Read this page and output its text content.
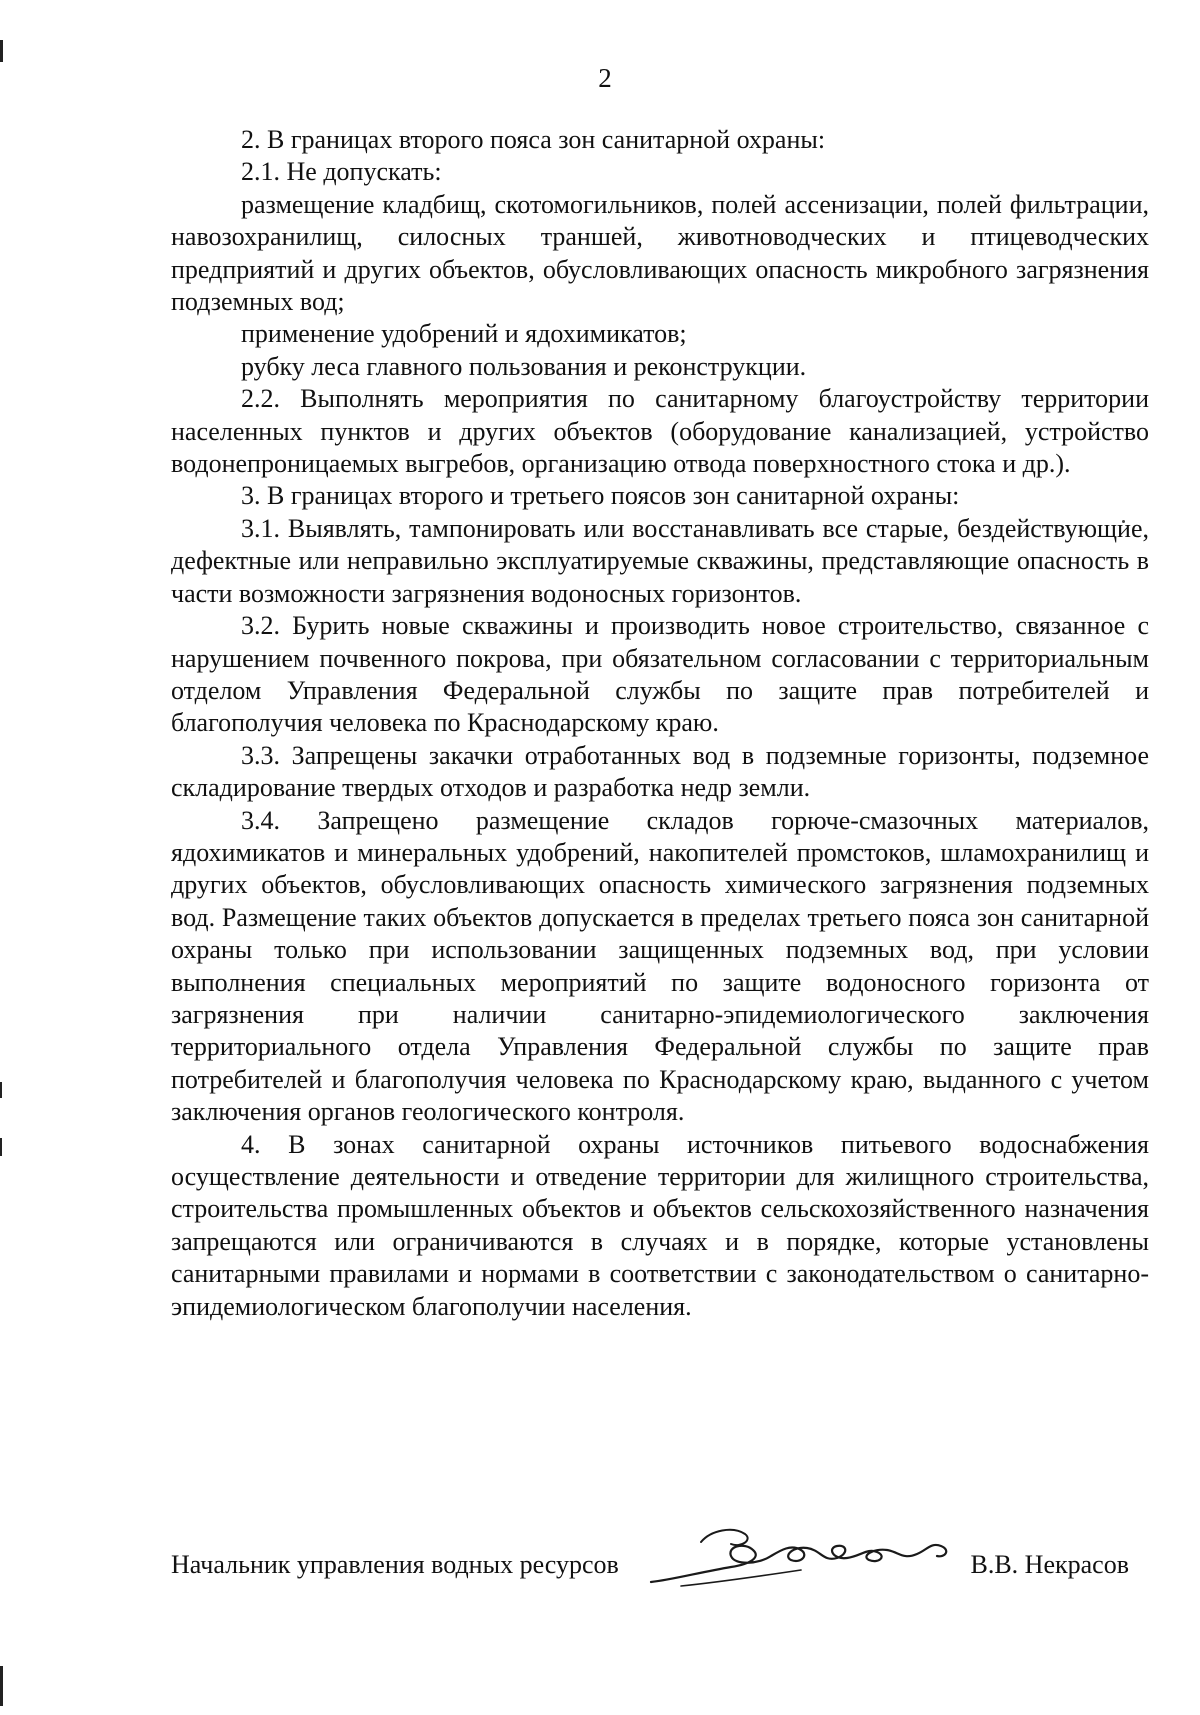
2

2. В границах второго пояса зон санитарной охраны:

2.1. Не допускать:

размещение кладбищ, скотомогильников, полей ассенизации, полей фильтрации, навозохранилищ, силосных траншей, животноводческих и птицеводческих предприятий и других объектов, обусловливающих опасность микробного загрязнения подземных вод;

применение удобрений и ядохимикатов;

рубку леса главного пользования и реконструкции.

2.2. Выполнять мероприятия по санитарному благоустройству территории населенных пунктов и других объектов (оборудование канализацией, устройство водонепроницаемых выгребов, организацию отвода поверхностного стока и др.).

3. В границах второго и третьего поясов зон санитарной охраны:

3.1. Выявлять, тампонировать или восстанавливать все старые, бездействующие, дефектные или неправильно эксплуатируемые скважины, представляющие опасность в части возможности загрязнения водоносных горизонтов.

3.2. Бурить новые скважины и производить новое строительство, связанное с нарушением почвенного покрова, при обязательном согласовании с территориальным отделом Управления Федеральной службы по защите прав потребителей и благополучия человека по Краснодарскому краю.

3.3. Запрещены закачки отработанных вод в подземные горизонты, подземное складирование твердых отходов и разработка недр земли.

3.4. Запрещено размещение складов горюче-смазочных материалов, ядохимикатов и минеральных удобрений, накопителей промстоков, шламохранилищ и других объектов, обусловливающих опасность химического загрязнения подземных вод. Размещение таких объектов допускается в пределах третьего пояса зон санитарной охраны только при использовании защищенных подземных вод, при условии выполнения специальных мероприятий по защите водоносного горизонта от загрязнения при наличии санитарно-эпидемиологического заключения территориального отдела Управления Федеральной службы по защите прав потребителей и благополучия человека по Краснодарскому краю, выданного с учетом заключения органов геологического контроля.

4. В зонах санитарной охраны источников питьевого водоснабжения осуществление деятельности и отведение территории для жилищного строительства, строительства промышленных объектов и объектов сельскохозяйственного назначения запрещаются или ограничиваются в случаях и в порядке, которые установлены санитарными правилами и нормами в соответствии с законодательством о санитарно-эпидемиологическом благополучии населения.

Начальник управления водных ресурсов	В.В. Некрасов
